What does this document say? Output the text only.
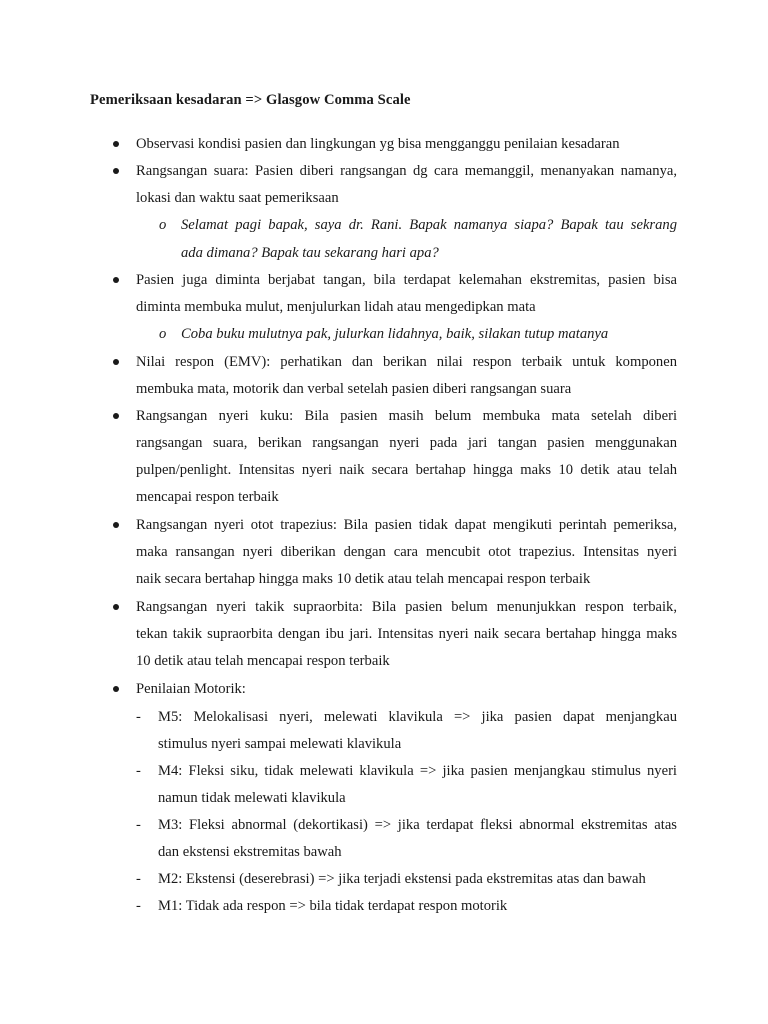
Pemeriksaan kesadaran => Glasgow Comma Scale
Observasi kondisi pasien dan lingkungan yg bisa mengganggu penilaian kesadaran
Rangsangan suara: Pasien diberi rangsangan dg cara memanggil, menanyakan namanya,
lokasi dan waktu saat pemeriksaan
o Selamat pagi bapak, saya dr. Rani. Bapak namanya siapa? Bapak tau sekrang
ada dimana? Bapak tau sekarang hari apa?
Pasien juga diminta berjabat tangan, bila terdapat kelemahan ekstremitas, pasien bisa
diminta membuka mulut, menjulurkan lidah atau mengedipkan mata
o Coba buku mulutnya pak, julurkan lidahnya, baik, silakan tutup matanya
Nilai respon (EMV): perhatikan dan berikan nilai respon terbaik untuk komponen
membuka mata, motorik dan verbal setelah pasien diberi rangsangan suara
Rangsangan nyeri kuku: Bila pasien masih belum membuka mata setelah diberi
rangsangan suara, berikan rangsangan nyeri pada jari tangan pasien menggunakan
pulpen/penlight. Intensitas nyeri naik secara bertahap hingga maks 10 detik atau telah
mencapai respon terbaik
Rangsangan nyeri otot trapezius: Bila pasien tidak dapat mengikuti perintah pemeriksa,
maka ransangan nyeri diberikan dengan cara mencubit otot trapezius. Intensitas nyeri
naik secara bertahap hingga maks 10 detik atau telah mencapai respon terbaik
Rangsangan nyeri takik supraorbita: Bila pasien belum menunjukkan respon terbaik,
tekan takik supraorbita dengan ibu jari. Intensitas nyeri naik secara bertahap hingga maks
10 detik atau telah mencapai respon terbaik
Penilaian Motorik:
- M5: Melokalisasi nyeri, melewati klavikula => jika pasien dapat menjangkau
stimulus nyeri sampai melewati klavikula
- M4: Fleksi siku, tidak melewati klavikula => jika pasien menjangkau stimulus nyeri
namun tidak melewati klavikula
- M3: Fleksi abnormal (dekortikasi) => jika terdapat fleksi abnormal ekstremitas atas
dan ekstensi ekstremitas bawah
- M2: Ekstensi (deserebrasi) => jika terjadi ekstensi pada ekstremitas atas dan bawah
- M1: Tidak ada respon => bila tidak terdapat respon motorik
